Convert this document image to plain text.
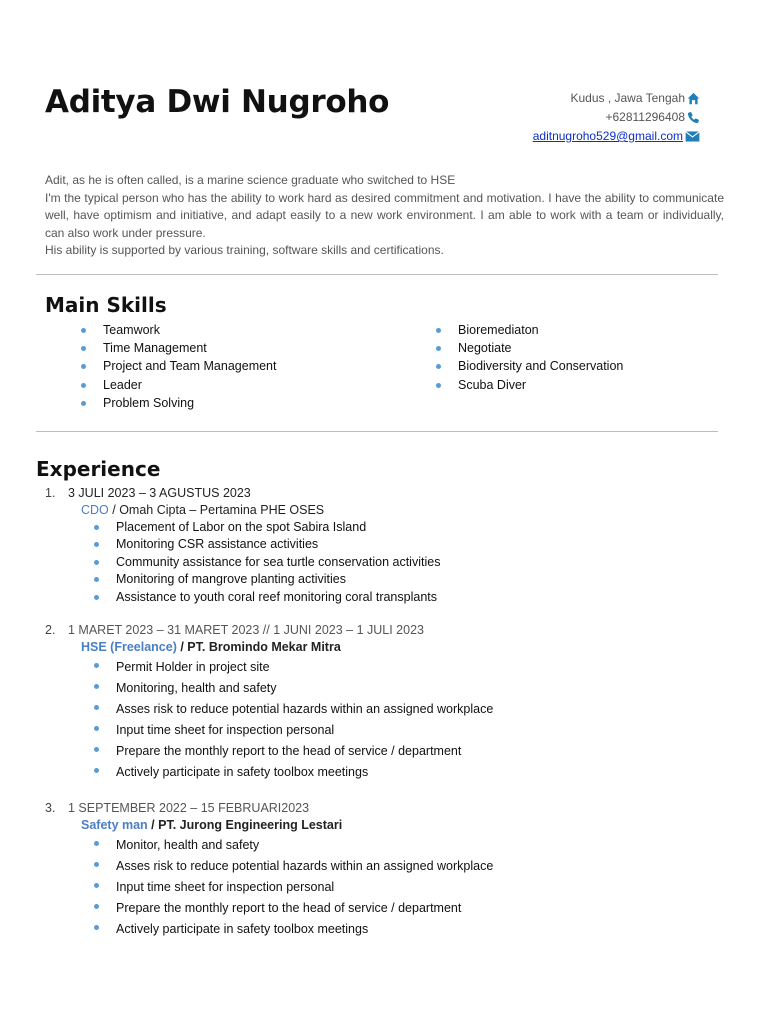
Aditya Dwi Nugroho	Kudus , Jawa Tengah
+62811296408
aditnugroho529@gmail.com

Adit, as he is often called, is a marine science graduate who switched to HSE

I'm the typical person who has the ability to work hard as desired commitment and motivation. I have the ability to communicate well, have optimism and initiative, and adapt easily to a new work environment. I am able to work with a team or individually, can also work under pressure.

His ability is supported by various training, software skills and certifications.

Main Skills
Teamwork
Time Management
Project and Team Management
Leader
Problem Solving
Bioremediaton
Negotiate
Biodiversity and Conservation
Scuba Diver
Experience
1.	3 JULI 2023 – 3 AGUSTUS 2023
CDO / Omah Cipta – Pertamina PHE OSES
Placement of Labor on the spot Sabira Island
Monitoring CSR assistance activities
Community assistance for sea turtle conservation activities
Monitoring of mangrove planting activities
Assistance to youth coral reef monitoring coral transplants
2.	1 MARET 2023 – 31 MARET 2023 // 1 JUNI 2023 – 1 JULI 2023
HSE (Freelance) / PT. Bromindo Mekar Mitra
Permit Holder in project site
Monitoring, health and safety
Asses risk to reduce potential hazards within an assigned workplace
Input time sheet for inspection personal
Prepare the monthly report to the head of service / department
Actively participate in safety toolbox meetings
3.	1 SEPTEMBER 2022 – 15 FEBRUARI2023
Safety man / PT. Jurong Engineering Lestari
Monitor, health and safety
Asses risk to reduce potential hazards within an assigned workplace
Input time sheet for inspection personal
Prepare the monthly report to the head of service / department
Actively participate in safety toolbox meetings
